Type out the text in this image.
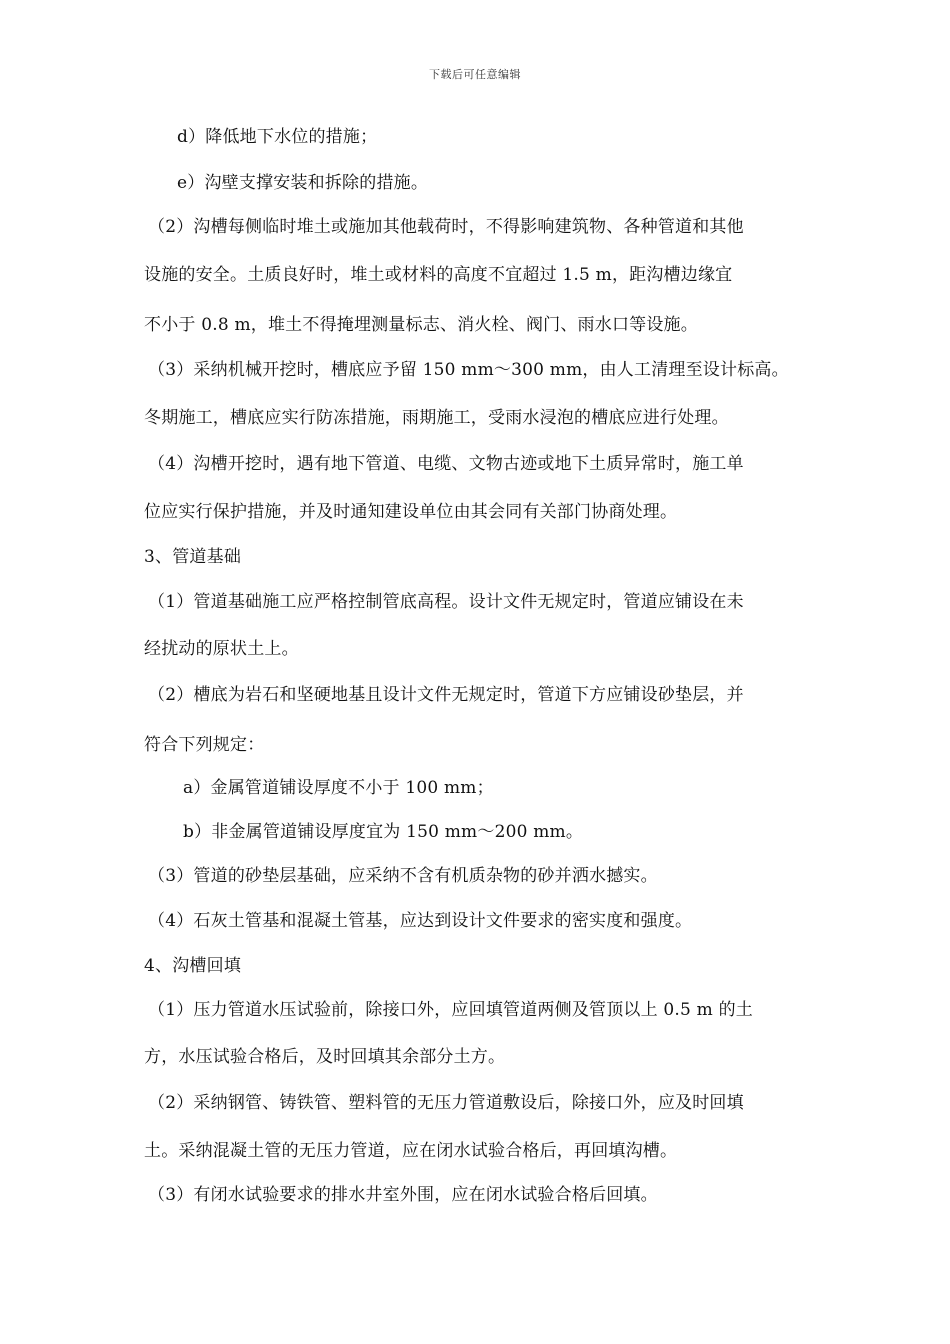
下载后可任意编辑
d）降低地下水位的措施；
e）沟壁支撑安装和拆除的措施。
（2）沟槽每侧临时堆土或施加其他载荷时，不得影响建筑物、各种管道和其他
设施的安全。土质良好时，堆土或材料的高度不宜超过 1.5 m，距沟槽边缘宜
不小于 0.8 m，堆土不得掩埋测量标志、消火栓、阀门、雨水口等设施。
（3）采纳机械开挖时，槽底应予留 150 mm～300 mm，由人工清理至设计标高。
冬期施工，槽底应实行防冻措施，雨期施工，受雨水浸泡的槽底应进行处理。
（4）沟槽开挖时，遇有地下管道、电缆、文物古迹或地下土质异常时，施工单
位应实行保护措施，并及时通知建设单位由其会同有关部门协商处理。
3、管道基础
（1）管道基础施工应严格控制管底高程。设计文件无规定时，管道应铺设在未
经扰动的原状土上。
（2）槽底为岩石和坚硬地基且设计文件无规定时，管道下方应铺设砂垫层，并
符合下列规定：
a）金属管道铺设厚度不小于 100 mm；
b）非金属管道铺设厚度宜为 150 mm～200 mm。
（3）管道的砂垫层基础，应采纳不含有机质杂物的砂并洒水撼实。
（4）石灰土管基和混凝土管基，应达到设计文件要求的密实度和强度。
4、沟槽回填
（1）压力管道水压试验前，除接口外，应回填管道两侧及管顶以上 0.5 m 的土
方，水压试验合格后，及时回填其余部分土方。
（2）采纳钢管、铸铁管、塑料管的无压力管道敷设后，除接口外，应及时回填
土。采纳混凝土管的无压力管道，应在闭水试验合格后，再回填沟槽。
（3）有闭水试验要求的排水井室外围，应在闭水试验合格后回填。
